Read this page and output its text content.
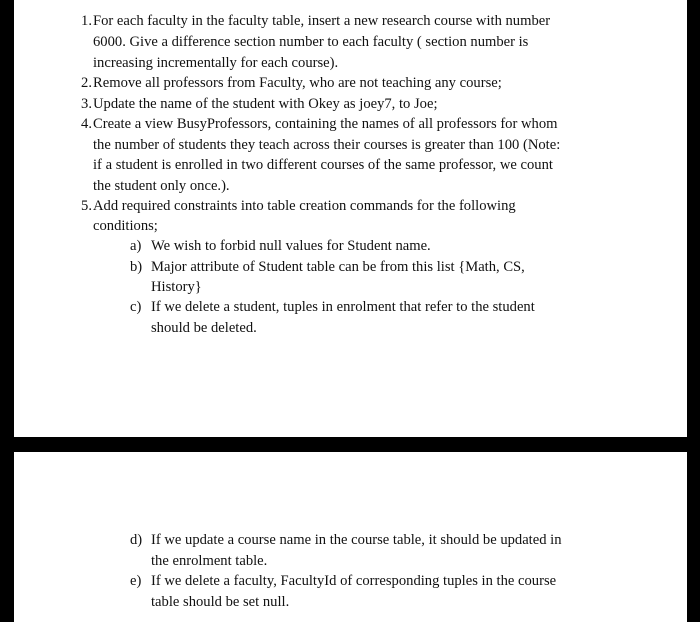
1. For each faculty in the faculty table, insert a new research course with number
6000. Give a difference section number to each faculty ( section number is
increasing incrementally for each course).
2. Remove all professors from Faculty, who are not teaching any course;
3. Update the name of the student with Okey as joey7, to Joe;
4. Create a view BusyProfessors, containing the names of all professors for whom
the number of students they teach across their courses is greater than 100 (Note:
if a student is enrolled in two different courses of the same professor, we count
the student only once.).
5. Add required constraints into table creation commands for the following
conditions;
a) We wish to forbid null values for Student name.
b) Major attribute of Student table can be from this list {Math, CS,
History}
c) If we delete a student, tuples in enrolment that refer to the student
should be deleted.
d) If we update a course name in the course table, it should be updated in
the enrolment table.
e) If we delete a faculty, FacultyId of corresponding tuples in the course
table should be set null.
